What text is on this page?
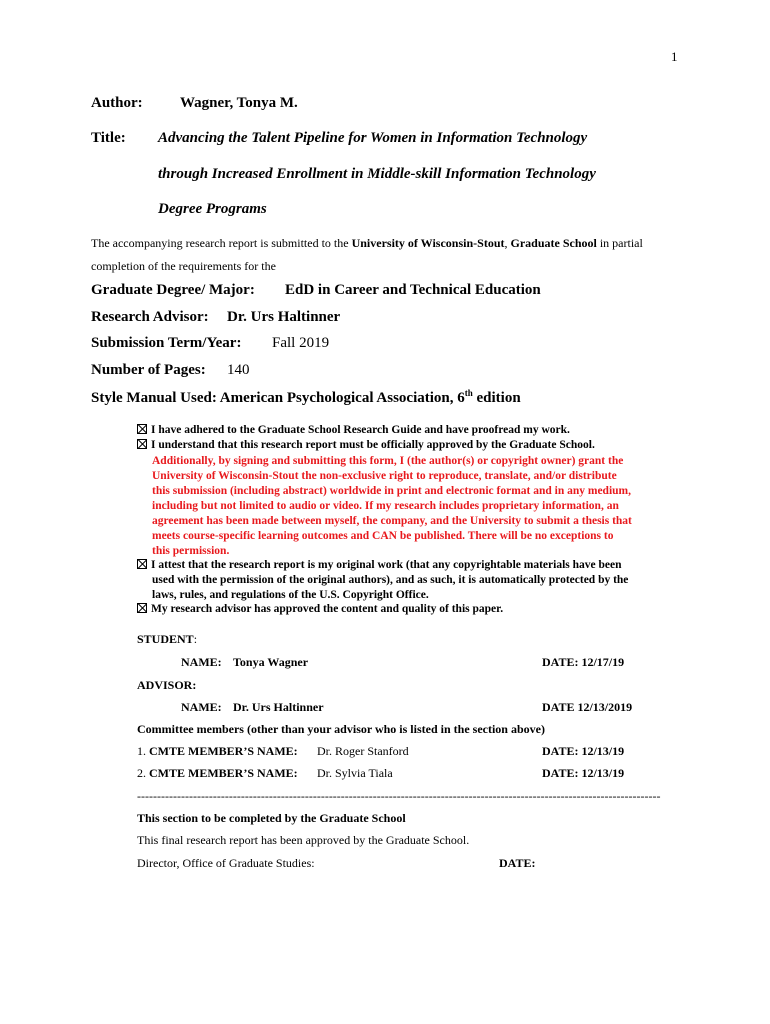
1
Author: Wagner, Tonya M.
Title: Advancing the Talent Pipeline for Women in Information Technology
through Increased Enrollment in Middle-skill Information Technology
Degree Programs
The accompanying research report is submitted to the University of Wisconsin-Stout, Graduate School in partial
completion of the requirements for the
Graduate Degree/ Major: EdD in Career and Technical Education
Research Advisor: Dr. Urs Haltinner
Submission Term/Year: Fall 2019
Number of Pages: 140
Style Manual Used: American Psychological Association, 6th edition
I have adhered to the Graduate School Research Guide and have proofread my work.
I understand that this research report must be officially approved by the Graduate School.
Additionally, by signing and submitting this form, I (the author(s) or copyright owner) grant the
University of Wisconsin-Stout the non-exclusive right to reproduce, translate, and/or distribute
this submission (including abstract) worldwide in print and electronic format and in any medium,
including but not limited to audio or video. If my research includes proprietary information, an
agreement has been made between myself, the company, and the University to submit a thesis that
meets course-specific learning outcomes and CAN be published. There will be no exceptions to
this permission.
I attest that the research report is my original work (that any copyrightable materials have been
used with the permission of the original authors), and as such, it is automatically protected by the
laws, rules, and regulations of the U.S. Copyright Office.
My research advisor has approved the content and quality of this paper.
STUDENT:
NAME: Tonya Wagner	DATE: 12/17/19
ADVISOR:
NAME: Dr. Urs Haltinner	DATE 12/13/2019
Committee members (other than your advisor who is listed in the section above)
1. CMTE MEMBER’S NAME: Dr. Roger Stanford	DATE: 12/13/19
2. CMTE MEMBER’S NAME: Dr. Sylvia Tiala	DATE: 12/13/19
-----------------------------------------------------------------------------------------------------------------------------------
This section to be completed by the Graduate School
This final research report has been approved by the Graduate School.
Director, Office of Graduate Studies:	DATE:
